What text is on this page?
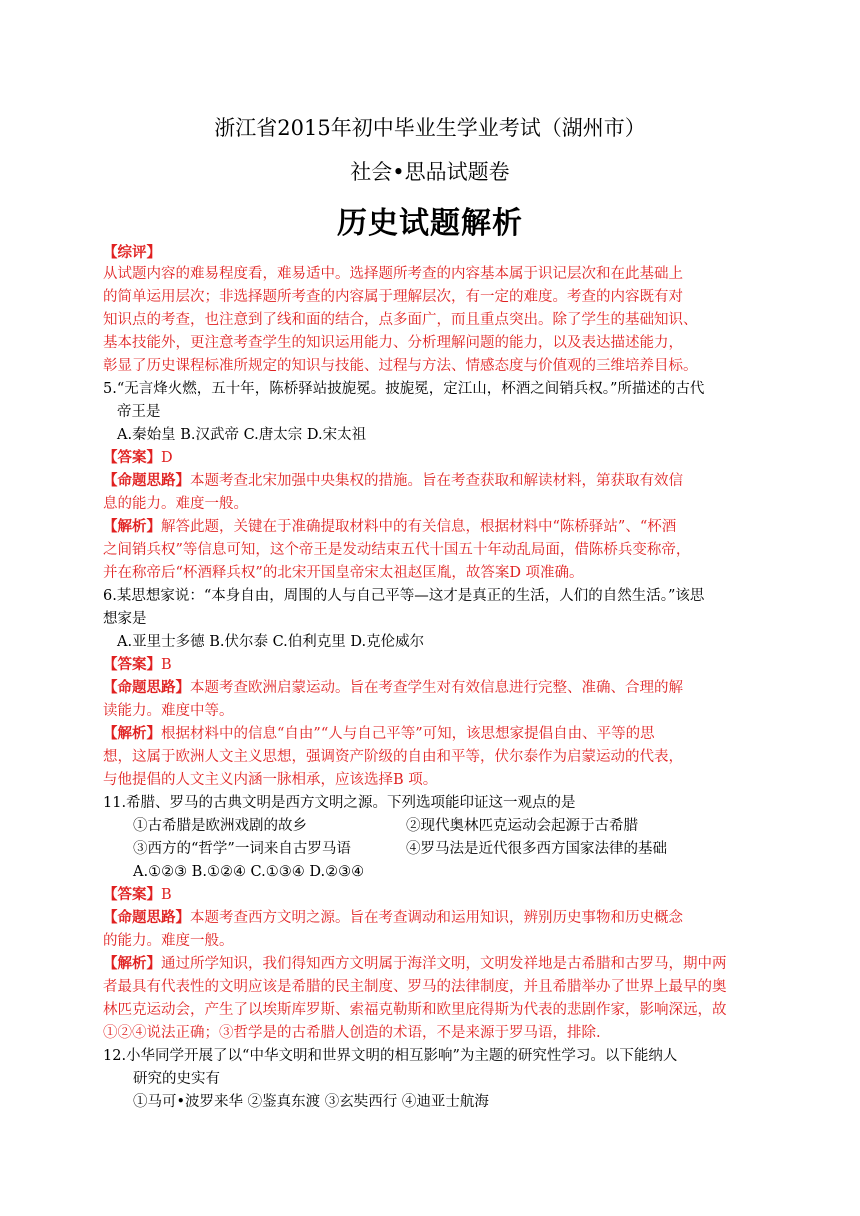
浙江省2015年初中毕业生学业考试（湖州市）
社会•思品试题卷
历史试题解析
【综评】
从试题内容的难易程度看，难易适中。选择题所考查的内容基本属于识记层次和在此基础上
的简单运用层次；非选择题所考查的内容属于理解层次，有一定的难度。考查的内容既有对
知识点的考查，也注意到了线和面的结合，点多面广，而且重点突出。除了学生的基础知识、
基本技能外，更注意考查学生的知识运用能力、分析理解问题的能力，以及表达描述能力，
彰显了历史课程标准所规定的知识与技能、过程与方法、情感态度与价值观的三维培养目标。
5.“无言烽火燃，五十年，陈桥驿站披旎冕。披旎冕，定江山，杯酒之间销兵权。”所描述的古代
帝王是
A.秦始皇 B.汉武帝 C.唐太宗 D.宋太祖
【答案】D
【命题思路】本题考查北宋加强中央集权的措施。旨在考查获取和解读材料，第获取有效信
息的能力。难度一般。
【解析】解答此题，关键在于准确提取材料中的有关信息，根据材料中“陈桥驿站”、“杯酒
之间销兵权”等信息可知，这个帝王是发动结束五代十国五十年动乱局面，借陈桥兵变称帝，
并在称帝后“杯酒释兵权”的北宋开国皇帝宋太祖赵匡胤，故答案D 项准确。
6.某思想家说：“本身自由，周围的人与自己平等—这才是真正的生活，人们的自然生活。”该思
想家是
A.亚里士多德 B.伏尔泰 C.伯利克里 D.克伦威尔
【答案】B
【命题思路】本题考查欧洲启蒙运动。旨在考查学生对有效信息进行完整、准确、合理的解
读能力。难度中等。
【解析】根据材料中的信息“自由”“人与自己平等”可知，该思想家提倡自由、平等的思
想，这属于欧洲人文主义思想，强调资产阶级的自由和平等，伏尔泰作为启蒙运动的代表，
与他提倡的人文主义内涵一脉相承，应该选择B 项。
11.希腊、罗马的古典文明是西方文明之源。下列选项能印证这一观点的是
①古希腊是欧洲戏剧的故乡	②现代奥林匹克运动会起源于古希腊
③西方的“哲学”一词来自古罗马语	④罗马法是近代很多西方国家法律的基础
A.①②③ B.①②④ C.①③④ D.②③④
【答案】B
【命题思路】本题考查西方文明之源。旨在考查调动和运用知识，辨别历史事物和历史概念
的能力。难度一般。
【解析】通过所学知识，我们得知西方文明属于海洋文明，文明发祥地是古希腊和古罗马，期中两
者最具有代表性的文明应该是希腊的民主制度、罗马的法律制度，并且希腊举办了世界上最早的奥
林匹克运动会，产生了以埃斯库罗斯、索福克勒斯和欧里庇得斯为代表的悲剧作家，影响深远，故
①②④说法正确；③哲学是的古希腊人创造的术语，不是来源于罗马语，排除.
12.小华同学开展了以“中华文明和世界文明的相互影响”为主题的研究性学习。以下能纳人
研究的史实有
①马可•波罗来华 ②鉴真东渡 ③玄奘西行 ④迪亚士航海
